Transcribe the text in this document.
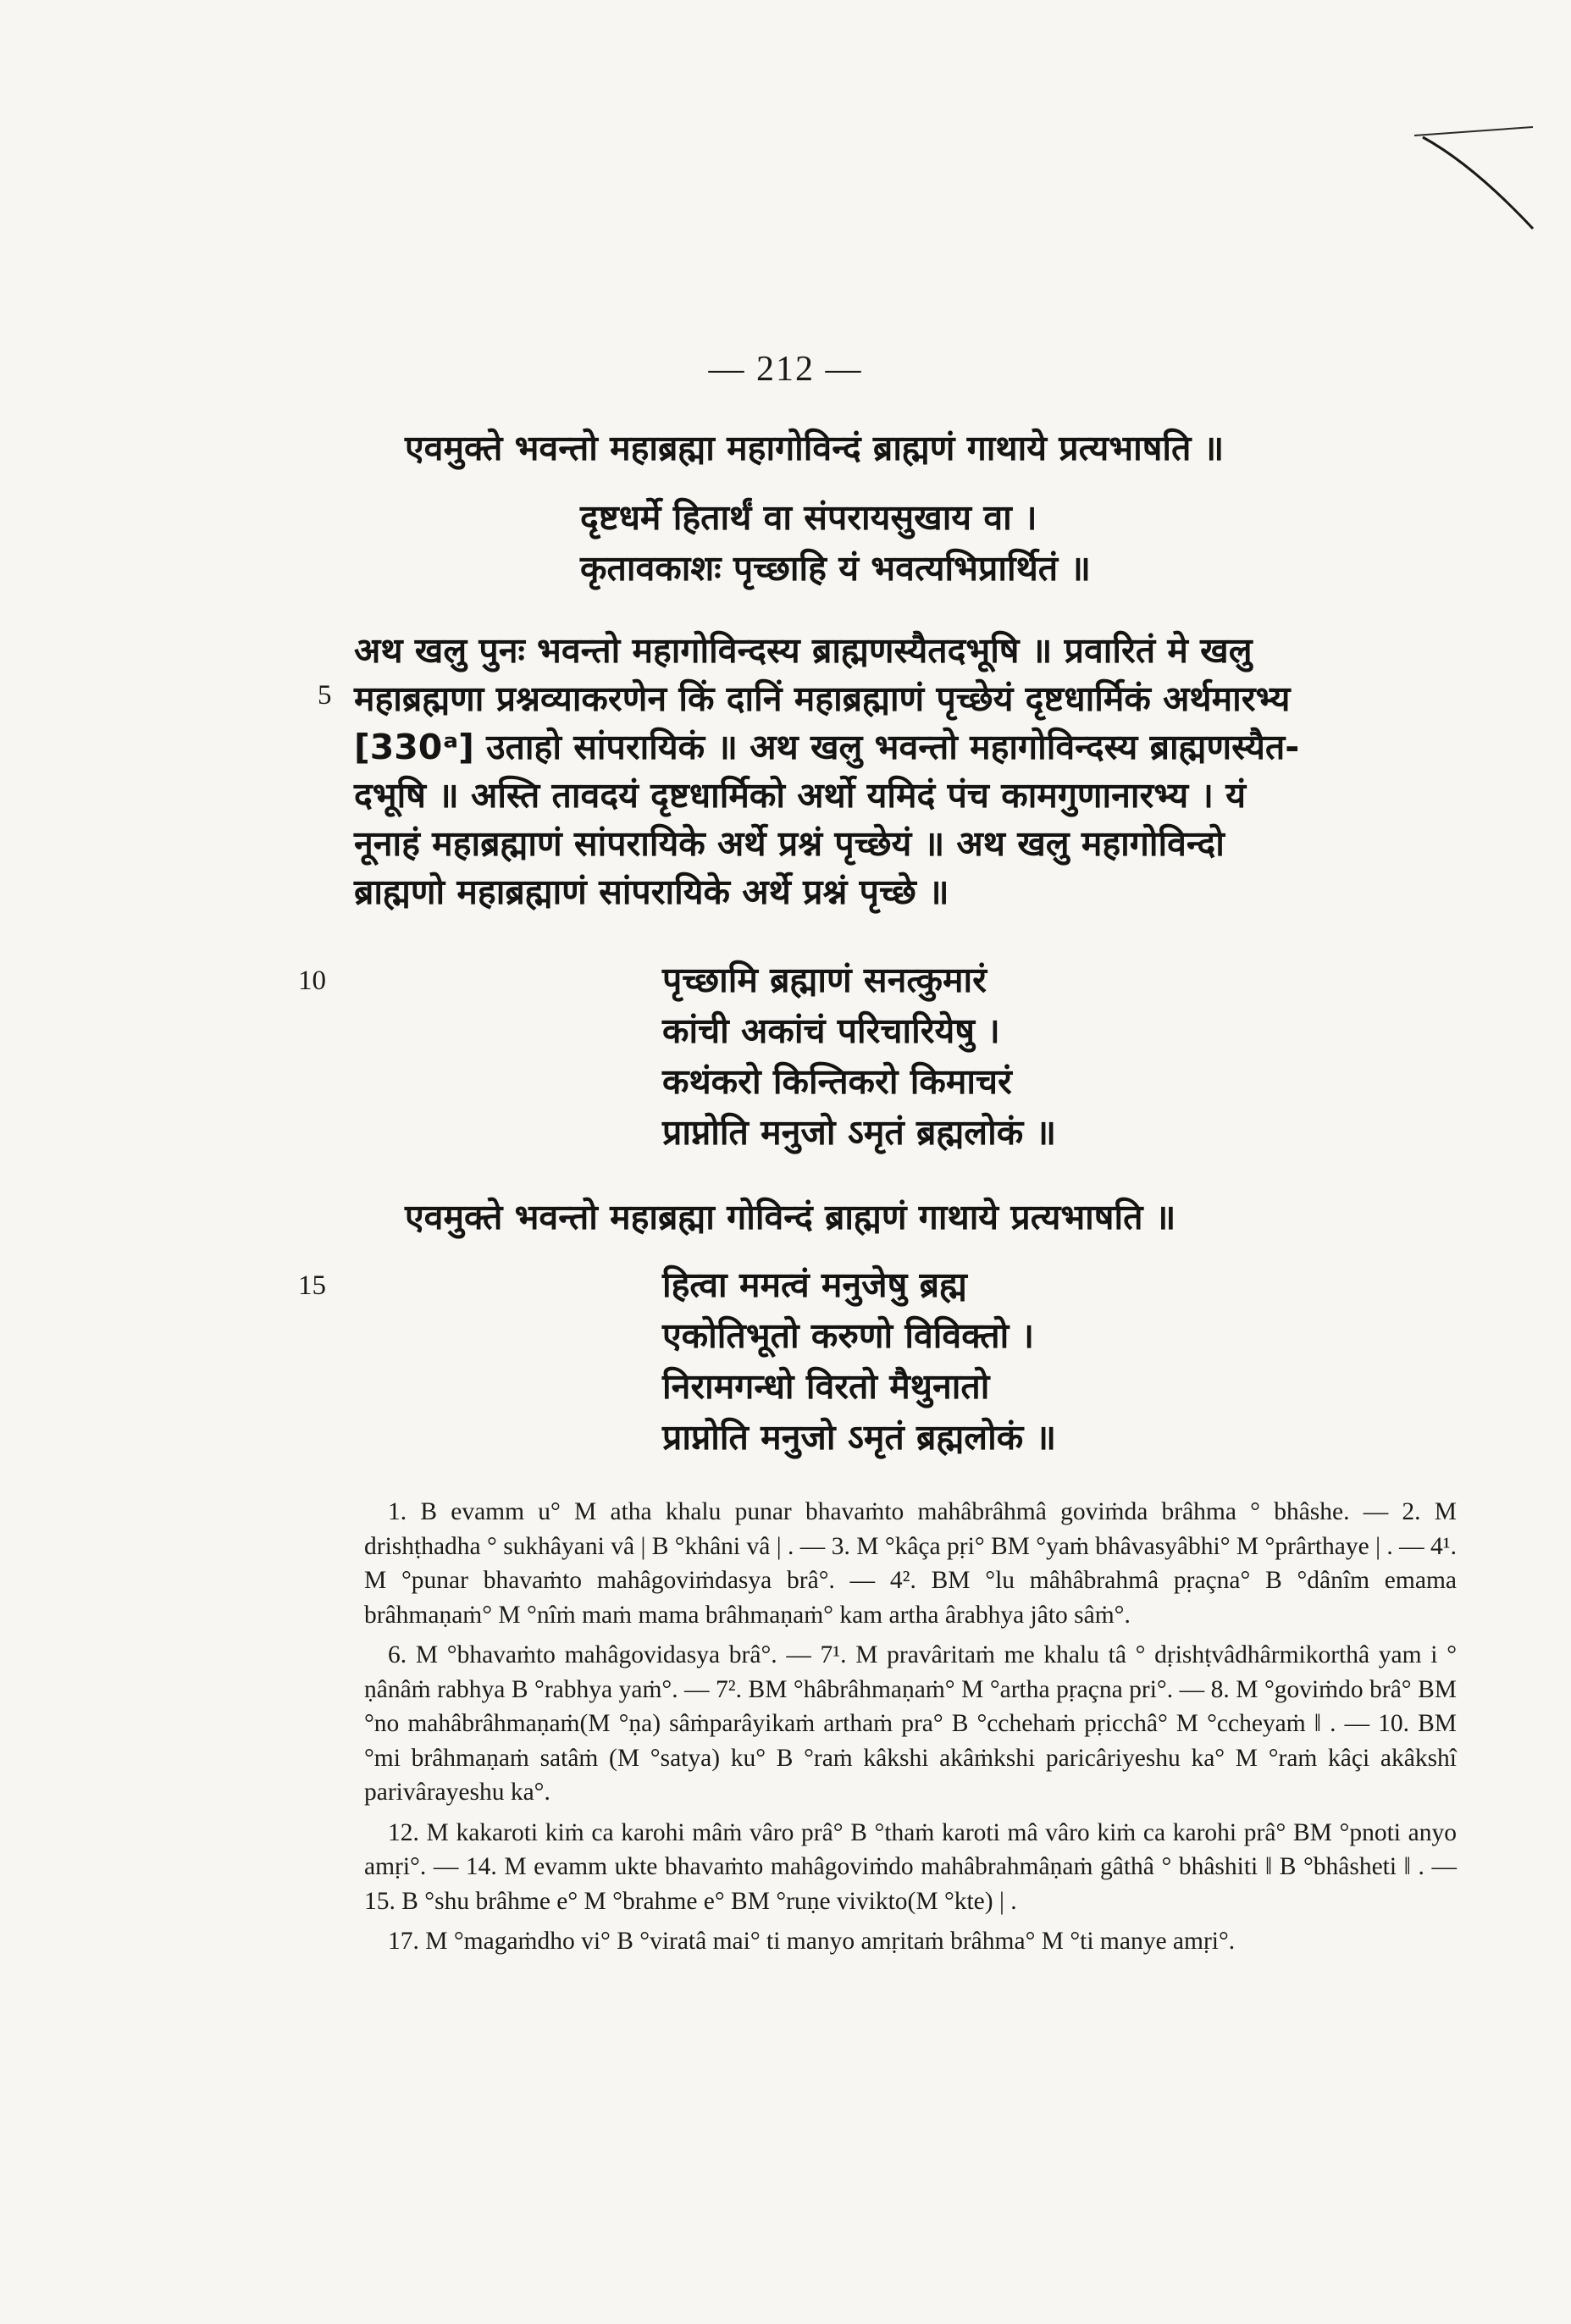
— 212 —
एवमुक्ते भवन्तो महाब्रह्मा महागोविन्दं ब्राह्मणं गाथाये प्रत्यभाषति ॥
दृष्टधर्मे हितार्थं वा संपरायसुखाय वा ।
कृतावकाशः पृच्छाहि यं भवत्यभिप्रार्थितं ॥
अथ खलु पुनः भवन्तो महागोविन्दस्य ब्राह्मणस्यैतदभूषि ॥ प्रवारितं मे खलु
5 महाब्रह्मणा प्रश्नव्याकरणेन किं दानिं महाब्रह्माणं पृच्छेयं दृष्टधार्मिकं अर्थमारभ्य
[330ᵃ] उताहो सांपरायिकं ॥ अथ खलु भवन्तो महागोविन्दस्य ब्राह्मणस्यैत-
दभूषि ॥ अस्ति तावदयं दृष्टधार्मिको अर्थो यमिदं पंच कामगुणानारभ्य । यं
नूनाहं महाब्रह्माणं सांपरायिके अर्थे प्रश्नं पृच्छेयं ॥ अथ खलु महागोविन्दो
ब्राह्मणो महाब्रह्माणं सांपरायिके अर्थे प्रश्नं पृच्छे ॥
10	पृच्छामि ब्रह्माणं सनत्कुमारं
कांची अकांचं परिचारियेषु ।
कथंकरो किन्तिकरो किमाचरं
प्राप्नोति मनुजो ऽमृतं ब्रह्मलोकं ॥
एवमुक्ते भवन्तो महाब्रह्मा गोविन्दं ब्राह्मणं गाथाये प्रत्यभाषति ॥
15	हित्वा ममत्वं मनुजेषु ब्रह्म
एकोतिभूतो करुणो विविक्तो ।
निरामगन्धो विरतो मैथुनातो
प्राप्नोति मनुजो ऽमृतं ब्रह्मलोकं ॥

1. B evamm u° M atha khalu punar bhavaṁto mahâbrâhmâ goviṁda brâhma ° bhâshe. — 2. M drishṭhadha ° sukhâyani vâ | B °khâni vâ | . — 3. M °kâça pṛi° BM °yaṁ bhâvasyâbhi° M °prârthaye | . — 4¹. M °punar bhavaṁto mahâgoviṁdasya brâ°. — 4². BM °lu mâhâbrahmâ pṛaçna° B °dânîm emama brâhmaṇaṁ° M °nîṁ maṁ mama brâhmaṇaṁ° kam artha ârabhya jâto sâṁ°.

6. M °bhavaṁto mahâgovidasya brâ°. — 7¹. M pravâritaṁ me khalu tâ ° dṛishṭvâdhârmikorthâ yam i ° ṇânâṁ rabhya B °rabhya yaṁ°. — 7². BM °hâbrâhmaṇaṁ° M °artha pṛaçna pri°. — 8. M °goviṁdo brâ° BM °no mahâbrâhmaṇaṁ(M °ṇa) sâṁparâyikaṁ arthaṁ pra° B °cchehaṁ pṛicchâ° M °ccheyaṁ ‖ . — 10. BM °mi brâhmaṇaṁ satâṁ (M °satya) ku° B °raṁ kâkshi akâṁkshi paricâriyeshu ka° M °raṁ kâçi akâkshî parivârayeshu ka°.

12. M kakaroti kiṁ ca karohi mâṁ vâro prâ° B °thaṁ karoti mâ vâro kiṁ ca karohi prâ° BM °pnoti anyo amṛi°. — 14. M evamm ukte bhavaṁto mahâgoviṁdo mahâbrahmâṇaṁ gâthâ ° bhâshiti ‖ B °bhâsheti ‖ . — 15. B °shu brâhme e° M °brahme e° BM °ruṇe vivikto(M °kte) | .

17. M °magaṁdho vi° B °viratâ mai° ti manyo amṛitaṁ brâhma° M °ti manye amṛi°.
